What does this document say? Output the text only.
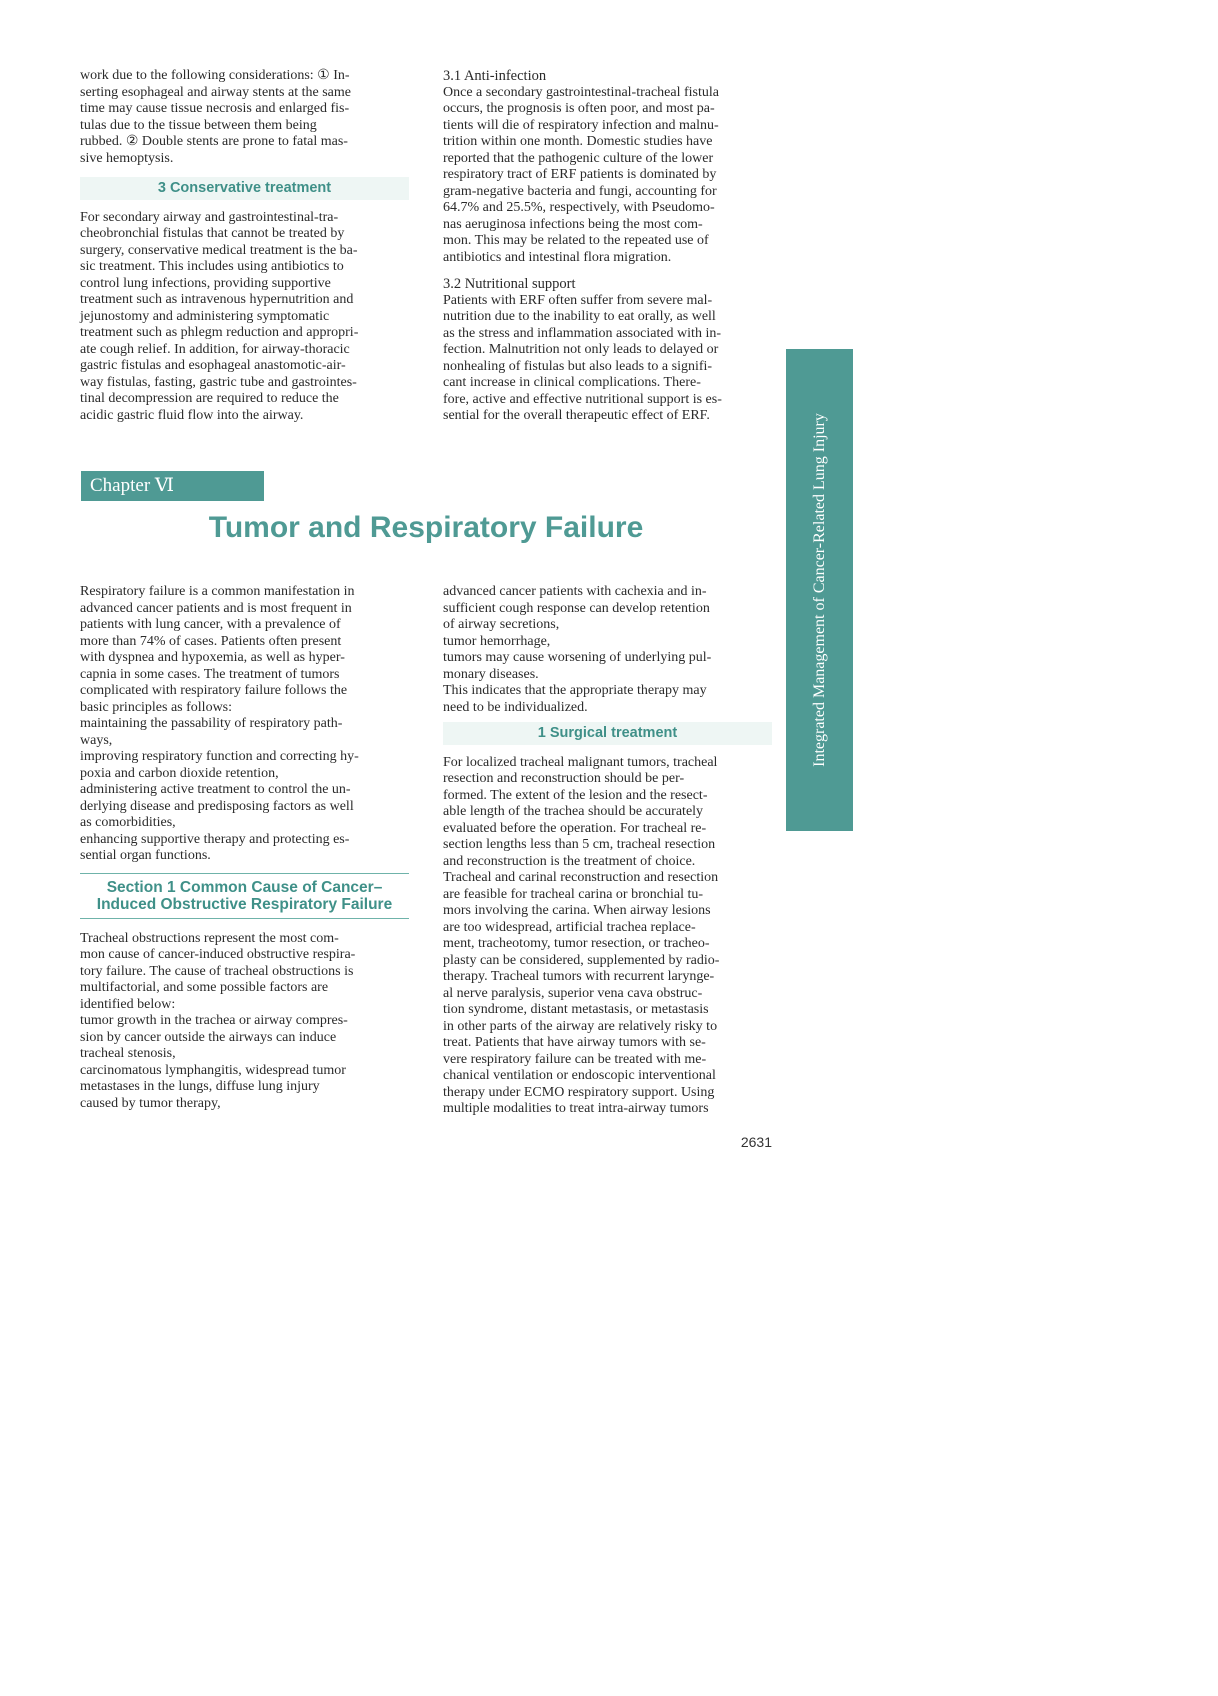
work due to the following considerations: ① In-

serting esophageal and airway stents at the same

time may cause tissue necrosis and enlarged fis-

tulas due to the tissue between them being

rubbed. ② Double stents are prone to fatal mas-

sive hemoptysis.

3 Conservative treatment

For secondary airway and gastrointestinal-tra-

cheobronchial fistulas that cannot be treated by

surgery, conservative medical treatment is the ba-

sic treatment. This includes using antibiotics to

control lung infections, providing supportive

treatment such as intravenous hypernutrition and

jejunostomy and administering symptomatic

treatment such as phlegm reduction and appropri-

ate cough relief. In addition, for airway-thoracic

gastric fistulas and esophageal anastomotic-air-

way fistulas, fasting, gastric tube and gastrointes-

tinal decompression are required to reduce the

acidic gastric fluid flow into the airway.

3.1 Anti-infection

Once a secondary gastrointestinal-tracheal fistula

occurs, the prognosis is often poor, and most pa-

tients will die of respiratory infection and malnu-

trition within one month. Domestic studies have

reported that the pathogenic culture of the lower

respiratory tract of ERF patients is dominated by

gram-negative bacteria and fungi, accounting for

64.7% and 25.5%, respectively, with Pseudomo-

nas aeruginosa infections being the most com-

mon. This may be related to the repeated use of

antibiotics and intestinal flora migration.

3.2 Nutritional support

Patients with ERF often suffer from severe mal-

nutrition due to the inability to eat orally, as well

as the stress and inflammation associated with in-

fection. Malnutrition not only leads to delayed or

nonhealing of fistulas but also leads to a signifi-

cant increase in clinical complications. There-

fore, active and effective nutritional support is es-

sential for the overall therapeutic effect of ERF.	Integrated Management of Cancer-Related Lung Injury
Chapter Ⅵ
Tumor and Respiratory Failure

Respiratory failure is a common manifestation in

advanced cancer patients and is most frequent in

patients with lung cancer, with a prevalence of

more than 74% of cases. Patients often present

with dyspnea and hypoxemia, as well as hyper-

capnia in some cases. The treatment of tumors

complicated with respiratory failure follows the

basic principles as follows:

maintaining the passability of respiratory path-

ways,

improving respiratory function and correcting hy-

poxia and carbon dioxide retention,

administering active treatment to control the un-

derlying disease and predisposing factors as well

as comorbidities,

enhancing supportive therapy and protecting es-

sential organ functions.

Section 1 Common Cause of Cancer–
Induced Obstructive Respiratory Failure

Tracheal obstructions represent the most com-

mon cause of cancer-induced obstructive respira-

tory failure. The cause of tracheal obstructions is

multifactorial, and some possible factors are

identified below:

tumor growth in the trachea or airway compres-

sion by cancer outside the airways can induce

tracheal stenosis,

carcinomatous lymphangitis, widespread tumor

metastases in the lungs, diffuse lung injury

caused by tumor therapy,

advanced cancer patients with cachexia and in-

sufficient cough response can develop retention

of airway secretions,

tumor hemorrhage,

tumors may cause worsening of underlying pul-

monary diseases.

This indicates that the appropriate therapy may

need to be individualized.

1 Surgical treatment

For localized tracheal malignant tumors, tracheal

resection and reconstruction should be per-

formed. The extent of the lesion and the resect-

able length of the trachea should be accurately

evaluated before the operation. For tracheal re-

section lengths less than 5 cm, tracheal resection

and reconstruction is the treatment of choice.

Tracheal and carinal reconstruction and resection

are feasible for tracheal carina or bronchial tu-

mors involving the carina. When airway lesions

are too widespread, artificial trachea replace-

ment, tracheotomy, tumor resection, or tracheo-

plasty can be considered, supplemented by radio-

therapy. Tracheal tumors with recurrent larynge-

al nerve paralysis, superior vena cava obstruc-

tion syndrome, distant metastasis, or metastasis

in other parts of the airway are relatively risky to

treat. Patients that have airway tumors with se-

vere respiratory failure can be treated with me-

chanical ventilation or endoscopic interventional

therapy under ECMO respiratory support. Using

multiple modalities to treat intra-airway tumors

2631
